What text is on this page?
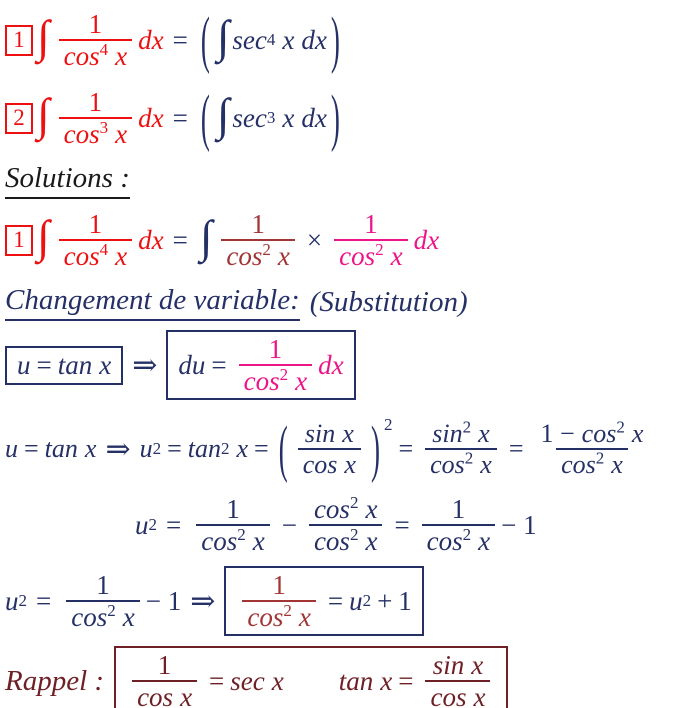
1 ∫ $\frac{1}{\cos^4 x}$ dx = ( ∫ sec 4 x dx )
2 ∫ $\frac{1}{\cos^3 x}$ dx = ( ∫ sec 3 x dx )
Solutions :
1 ∫ $\frac{1}{\cos^4 x}$ dx = ∫ $\frac{1}{\cos^2 x} \times \frac{1}{\cos^2 x}$ dx
Changement de variable: (Substitution)
u = tan x ⇒ du = $\frac{1}{\cos^2 x}$ dx
u = tan x ⇒ u 2 = tan 2 x = ( $\frac{\text{sin x}}{\text{cos x}}$ ) 2
= $\frac{\sin^2 x}{\cos^2 x} = \frac{1 - \cos^2 x}{\cos^2 x}$
u $2 = \frac{1}{\cos^2 x} - \frac{\cos^2 x}{\cos^2 x} = \frac{1}{\cos^2 x} - 1$
u $2 = \frac{1}{\cos^2 x} - 1$ ⇒ $\frac{1}{\cos^2 x} = u$ 2 + 1
Rappel : $\frac{1}{\text{cos x}} = \sec x$ $\tan x = \frac{\text{sin x}}{\text{cos x}}$
